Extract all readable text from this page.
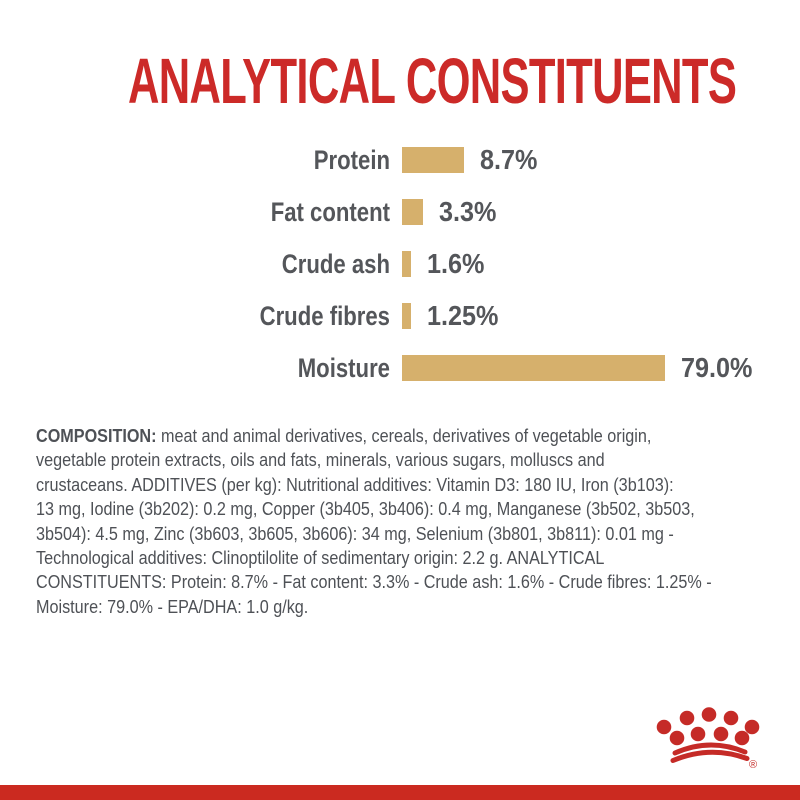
ANALYTICAL CONSTITUENTS
Protein	8.7%
Fat content 3.3%
Crude ash 1.6%
Crude fibres 1.25%
Moisture	79.0%
COMPOSITION: meat and animal derivatives, cereals, derivatives of vegetable origin,
vegetable protein extracts, oils and fats, minerals, various sugars, molluscs and
crustaceans. ADDITIVES (per kg): Nutritional additives: Vitamin D3: 180 IU, Iron (3b103):
13 mg, Iodine (3b202): 0.2 mg, Copper (3b405, 3b406): 0.4 mg, Manganese (3b502, 3b503,
3b504): 4.5 mg, Zinc (3b603, 3b605, 3b606): 34 mg, Selenium (3b801, 3b811): 0.01 mg -
Technological additives: Clinoptilolite of sedimentary origin: 2.2 g. ANALYTICAL
CONSTITUENTS: Protein: 8.7% - Fat content: 3.3% - Crude ash: 1.6% - Crude fibres: 1.25% -
Moisture: 79.0% - EPA/DHA: 1.0 g/kg.
®
